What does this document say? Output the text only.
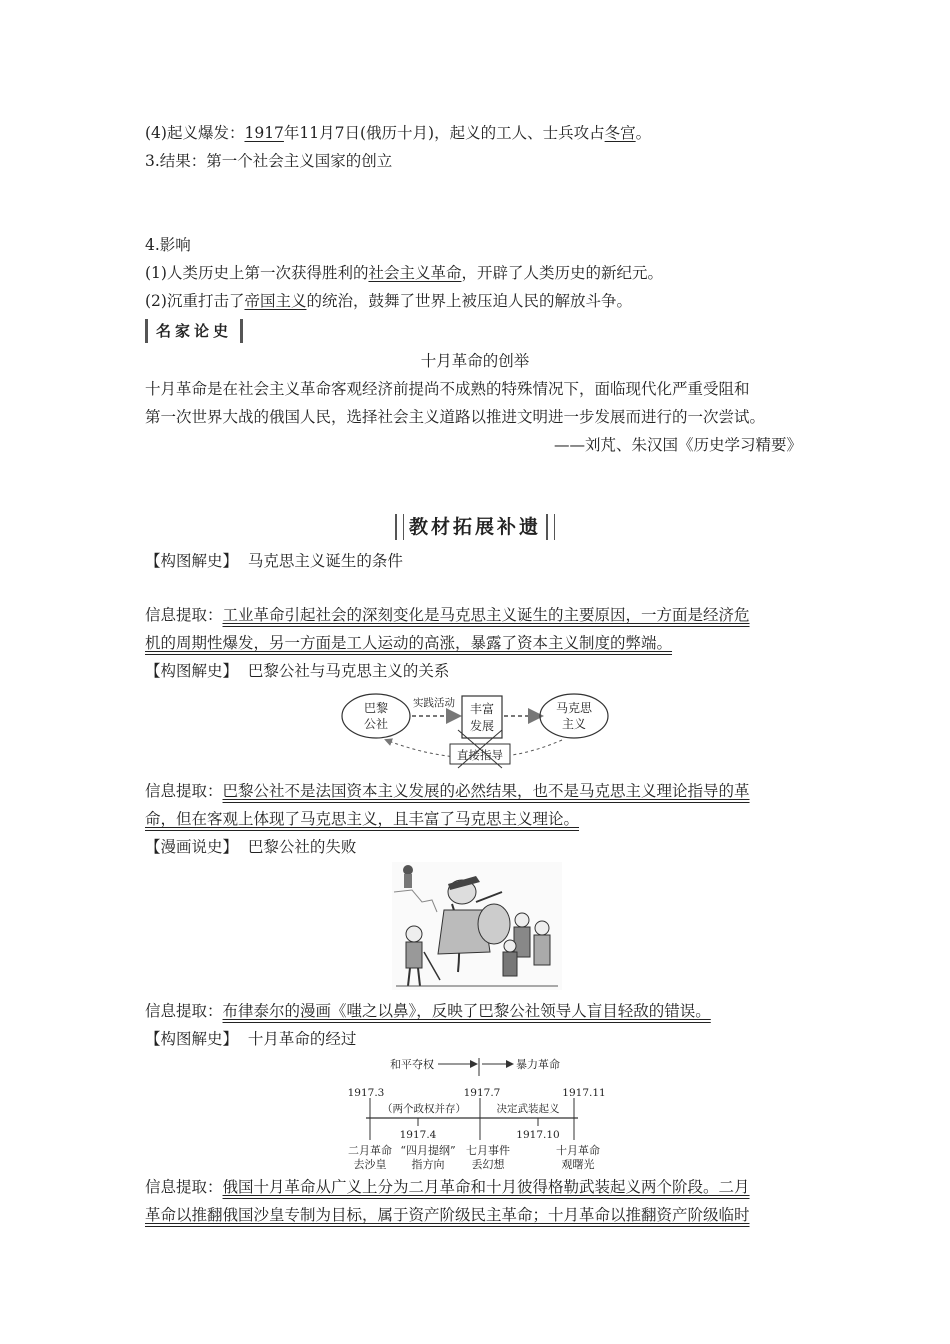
(4)起义爆发：1917年11月7日(俄历十月)，起义的工人、士兵攻占冬宫。
3.结果：第一个社会主义国家的创立
4.影响
(1)人类历史上第一次获得胜利的社会主义革命，开辟了人类历史的新纪元。
(2)沉重打击了帝国主义的统治，鼓舞了世界上被压迫人民的解放斗争。
名家论史
十月革命的创举
十月革命是在社会主义革命客观经济前提尚不成熟的特殊情况下，面临现代化严重受阻和
第一次世界大战的俄国人民，选择社会主义道路以推进文明进一步发展而进行的一次尝试。
——刘芃、朱汉国《历史学习精要》
教材拓展补遗
【构图解史】 马克思主义诞生的条件
信息提取：工业革命引起社会的深刻变化是马克思主义诞生的主要原因，一方面是经济危
机的周期性爆发，另一方面是工人运动的高涨，暴露了资本主义制度的弊端。
【构图解史】 巴黎公社与马克思主义的关系
巴黎
公社
实践活动 丰富
发展
马克思
主义
直接指导
信息提取：巴黎公社不是法国资本主义发展的必然结果，也不是马克思主义理论指导的革
命，但在客观上体现了马克思主义，且丰富了马克思主义理论。
【漫画说史】 巴黎公社的失败
信息提取：布律泰尔的漫画《嗤之以鼻》，反映了巴黎公社领导人盲目轻敌的错误。
【构图解史】 十月革命的经过
和平夺权	暴力革命
1917.3	1917.7	1917.11
（两个政权并存）	决定武装起义
1917.4	1917.10
二月革命
去沙皇
“四月提纲”
指方向
七月事件
丢幻想
十月革命
观曙光
信息提取：俄国十月革命从广义上分为二月革命和十月彼得格勒武装起义两个阶段。二月
革命以推翻俄国沙皇专制为目标，属于资产阶级民主革命；十月革命以推翻资产阶级临时
